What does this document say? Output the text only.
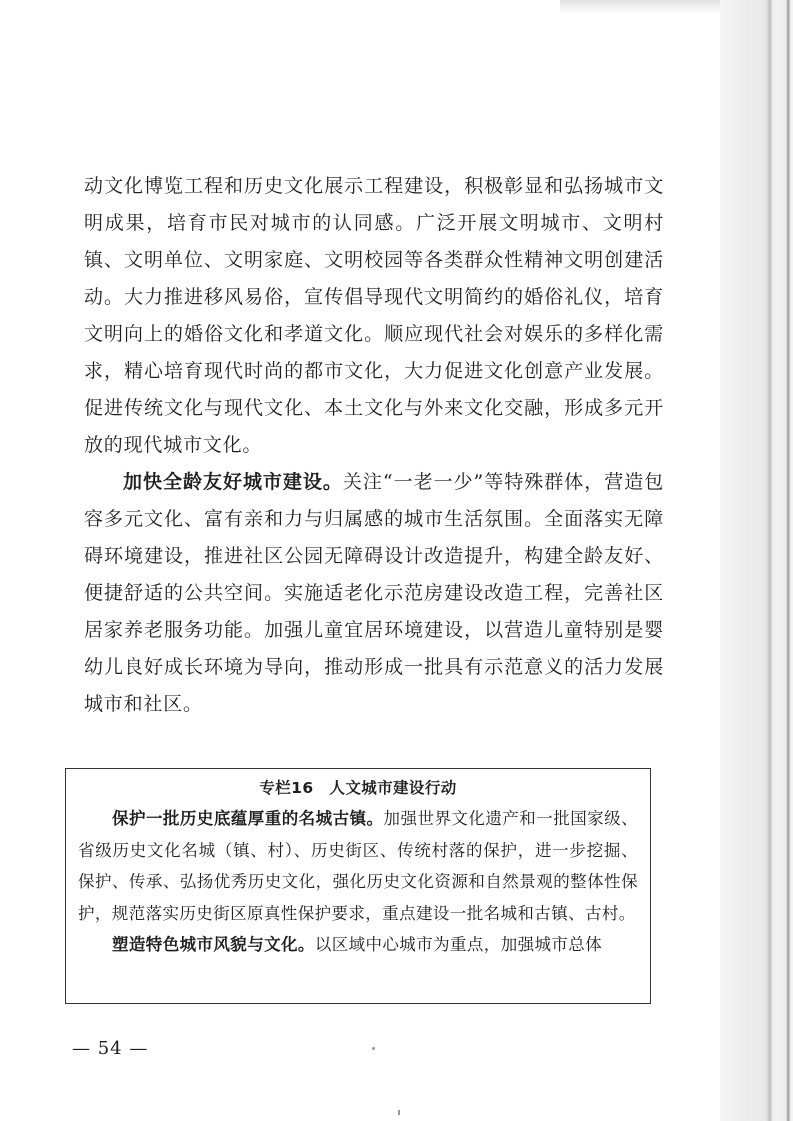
动文化博览工程和历史文化展示工程建设，积极彰显和弘扬城市文明成果，培育市民对城市的认同感。广泛开展文明城市、文明村镇、文明单位、文明家庭、文明校园等各类群众性精神文明创建活动。大力推进移风易俗，宣传倡导现代文明简约的婚俗礼仪，培育文明向上的婚俗文化和孝道文化。顺应现代社会对娱乐的多样化需求，精心培育现代时尚的都市文化，大力促进文化创意产业发展。促进传统文化与现代文化、本土文化与外来文化交融，形成多元开放的现代城市文化。

加快全龄友好城市建设。关注“一老一少”等特殊群体，营造包容多元文化、富有亲和力与归属感的城市生活氛围。全面落实无障碍环境建设，推进社区公园无障碍设计改造提升，构建全龄友好、便捷舒适的公共空间。实施适老化示范房建设改造工程，完善社区居家养老服务功能。加强儿童宜居环境建设，以营造儿童特别是婴幼儿良好成长环境为导向，推动形成一批具有示范意义的活力发展城市和社区。

专栏16　人文城市建设行动

保护一批历史底蕴厚重的名城古镇。加强世界文化遗产和一批国家级、省级历史文化名城（镇、村）、历史街区、传统村落的保护，进一步挖掘、保护、传承、弘扬优秀历史文化，强化历史文化资源和自然景观的整体性保护，规范落实历史街区原真性保护要求，重点建设一批名城和古镇、古村。

塑造特色城市风貌与文化。以区域中心城市为重点，加强城市总体

— 54 —
